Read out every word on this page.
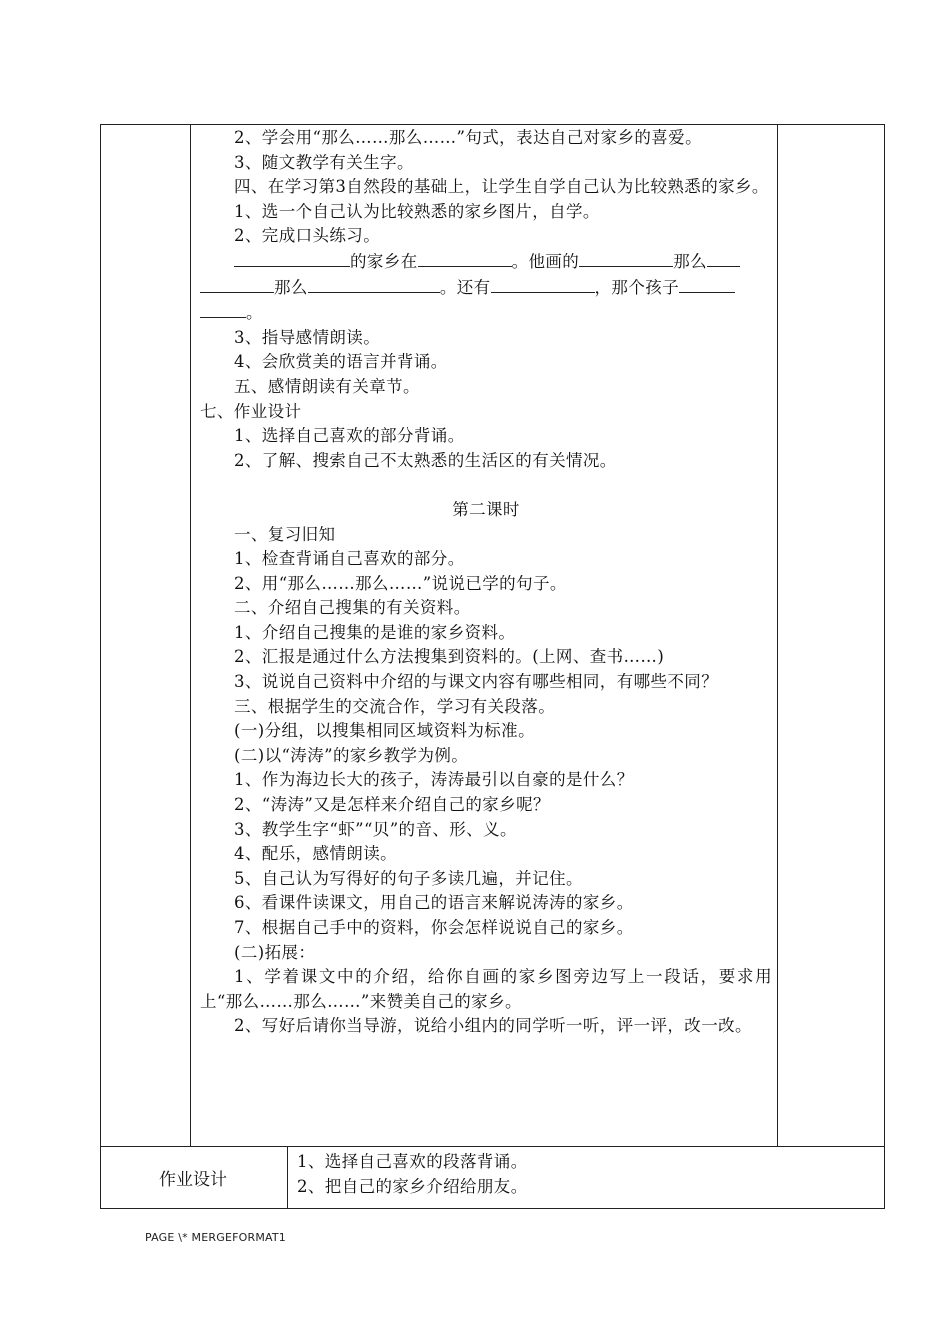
2、学会用“那么……那么……”句式，表达自己对家乡的喜爱。

3、随文教学有关生字。

四、在学习第3自然段的基础上，让学生自学自己认为比较熟悉的家乡。

1、选一个自己认为比较熟悉的家乡图片，自学。

2、完成口头练习。

的家乡在	。他画的	那么

那么	。还有	，那个孩子

。

3、指导感情朗读。

4、会欣赏美的语言并背诵。

五、感情朗读有关章节。

七、作业设计

1、选择自己喜欢的部分背诵。

2、了解、搜索自己不太熟悉的生活区的有关情况。

第二课时

一、复习旧知

1、检查背诵自己喜欢的部分。

2、用“那么……那么……”说说已学的句子。

二、介绍自己搜集的有关资料。

1、介绍自己搜集的是谁的家乡资料。

2、汇报是通过什么方法搜集到资料的。(上网、查书……)

3、说说自己资料中介绍的与课文内容有哪些相同，有哪些不同？

三、根据学生的交流合作，学习有关段落。

(一)分组，以搜集相同区域资料为标准。

(二)以“涛涛”的家乡教学为例。

1、作为海边长大的孩子，涛涛最引以自豪的是什么？

2、“涛涛”又是怎样来介绍自己的家乡呢？

3、教学生字“虾”“贝”的音、形、义。

4、配乐，感情朗读。

5、自己认为写得好的句子多读几遍，并记住。

6、看课件读课文，用自己的语言来解说涛涛的家乡。

7、根据自己手中的资料，你会怎样说说自己的家乡。

(二)拓展：

1、学着课文中的介绍，给你自画的家乡图旁边写上一段话，要求用上“那么……那么……”来赞美自己的家乡。

2、写好后请你当导游，说给小组内的同学听一听，评一评，改一改。

作业设计

1、选择自己喜欢的段落背诵。

2、把自己的家乡介绍给朋友。

PAGE \* MERGEFORMAT1
